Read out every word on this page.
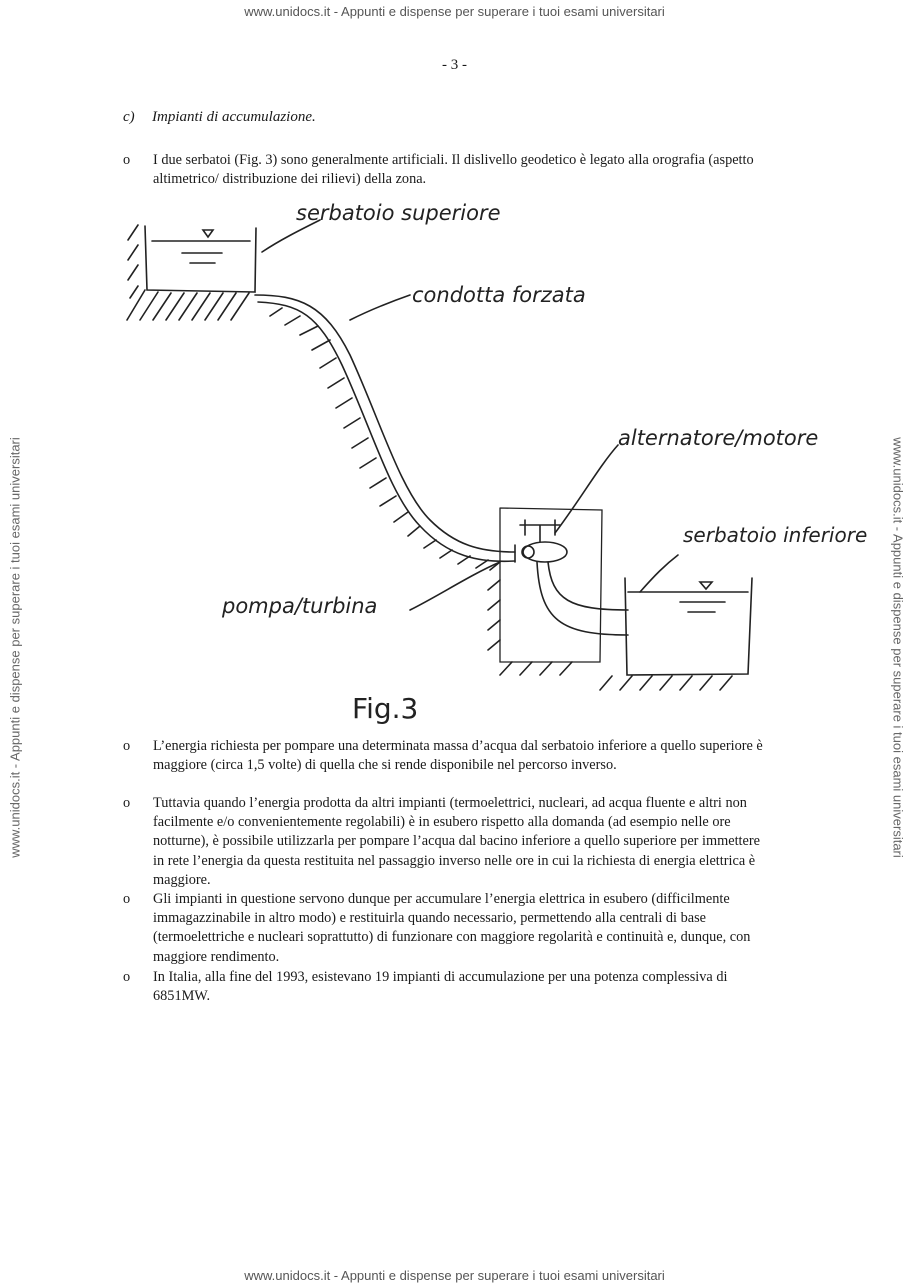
www.unidocs.it - Appunti e dispense per superare i tuoi esami universitari
www.unidocs.it - Appunti e dispense per superare i tuoi esami universitari	www.unidocs.it - Appunti e dispense per superare i tuoi esami universitari
- 3 -
c) Impianti di accumulazione.
o I due serbatoi (Fig. 3) sono generalmente artificiali. Il dislivello geodetico è legato alla orografia (aspetto altimetrico/ distribuzione dei rilievi) della zona.
serbatoio superiore
condotta forzata
alternatore/motore
serbatoio inferiore
pompa/turbina
Fig.3
o L’energia richiesta per pompare una determinata massa d’acqua dal serbatoio inferiore a quello superiore è maggiore (circa 1,5 volte) di quella che si rende disponibile nel percorso inverso.
o Tuttavia quando l’energia prodotta da altri impianti (termoelettrici, nucleari, ad acqua fluente e altri non facilmente e/o convenientemente regolabili) è in esubero rispetto alla domanda (ad esempio nelle ore notturne), è possibile utilizzarla per pompare l’acqua dal bacino inferiore a quello superiore per immettere in rete l’energia da questa restituita nel passaggio inverso nelle ore in cui la richiesta di energia elettrica è maggiore.
o Gli impianti in questione servono dunque per accumulare l’energia elettrica in esubero (difficilmente immagazzinabile in altro modo) e restituirla quando necessario, permettendo alla centrali di base (termoelettriche e nucleari soprattutto) di funzionare con maggiore regolarità e continuità e, dunque, con maggiore rendimento.
o In Italia, alla fine del 1993, esistevano 19 impianti di accumulazione per una potenza complessiva di 6851MW.
www.unidocs.it - Appunti e dispense per superare i tuoi esami universitari
